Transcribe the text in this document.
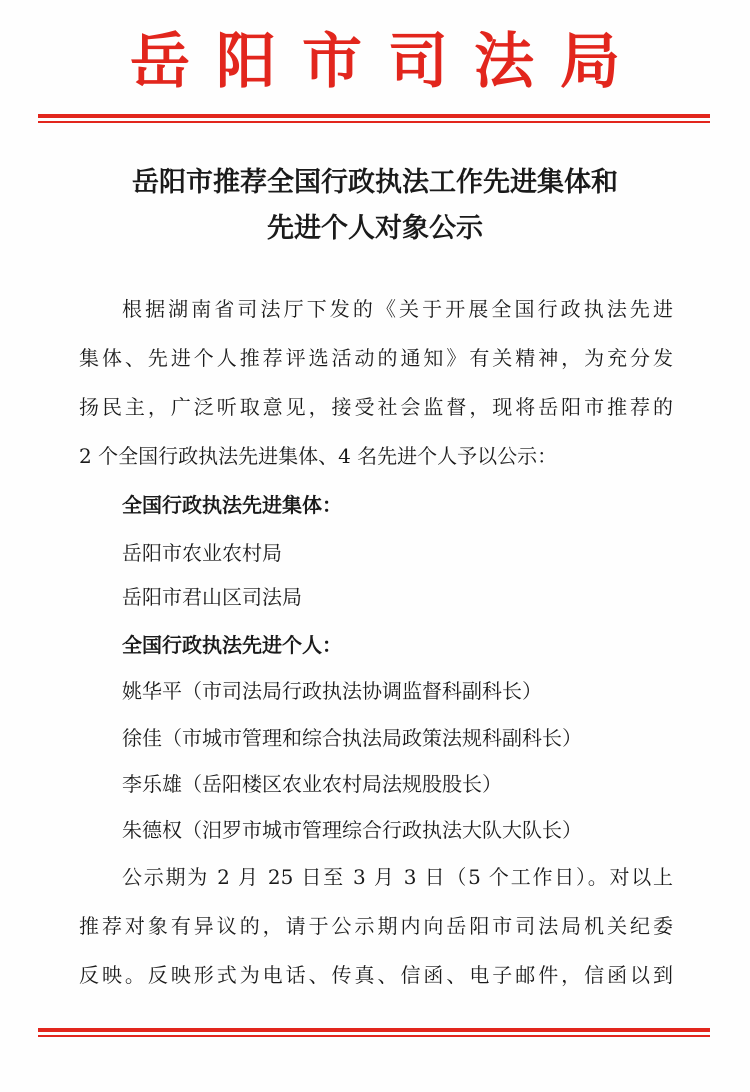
岳阳市司法局
岳阳市推荐全国行政执法工作先进集体和
先进个人对象公示
根据湖南省司法厅下发的《关于开展全国行政执法先进
集体、先进个人推荐评选活动的通知》有关精神，为充分发
扬民主，广泛听取意见，接受社会监督，现将岳阳市推荐的
2 个全国行政执法先进集体、4 名先进个人予以公示：
全国行政执法先进集体：
岳阳市农业农村局
岳阳市君山区司法局
全国行政执法先进个人：
姚华平（市司法局行政执法协调监督科副科长）
徐佳（市城市管理和综合执法局政策法规科副科长）
李乐雄（岳阳楼区农业农村局法规股股长）
朱德权（汨罗市城市管理综合行政执法大队大队长）
公示期为 2 月 25 日至 3 月 3 日（5 个工作日）。对以上
推荐对象有异议的，请于公示期内向岳阳市司法局机关纪委
反映。反映形式为电话、传真、信函、电子邮件，信函以到
